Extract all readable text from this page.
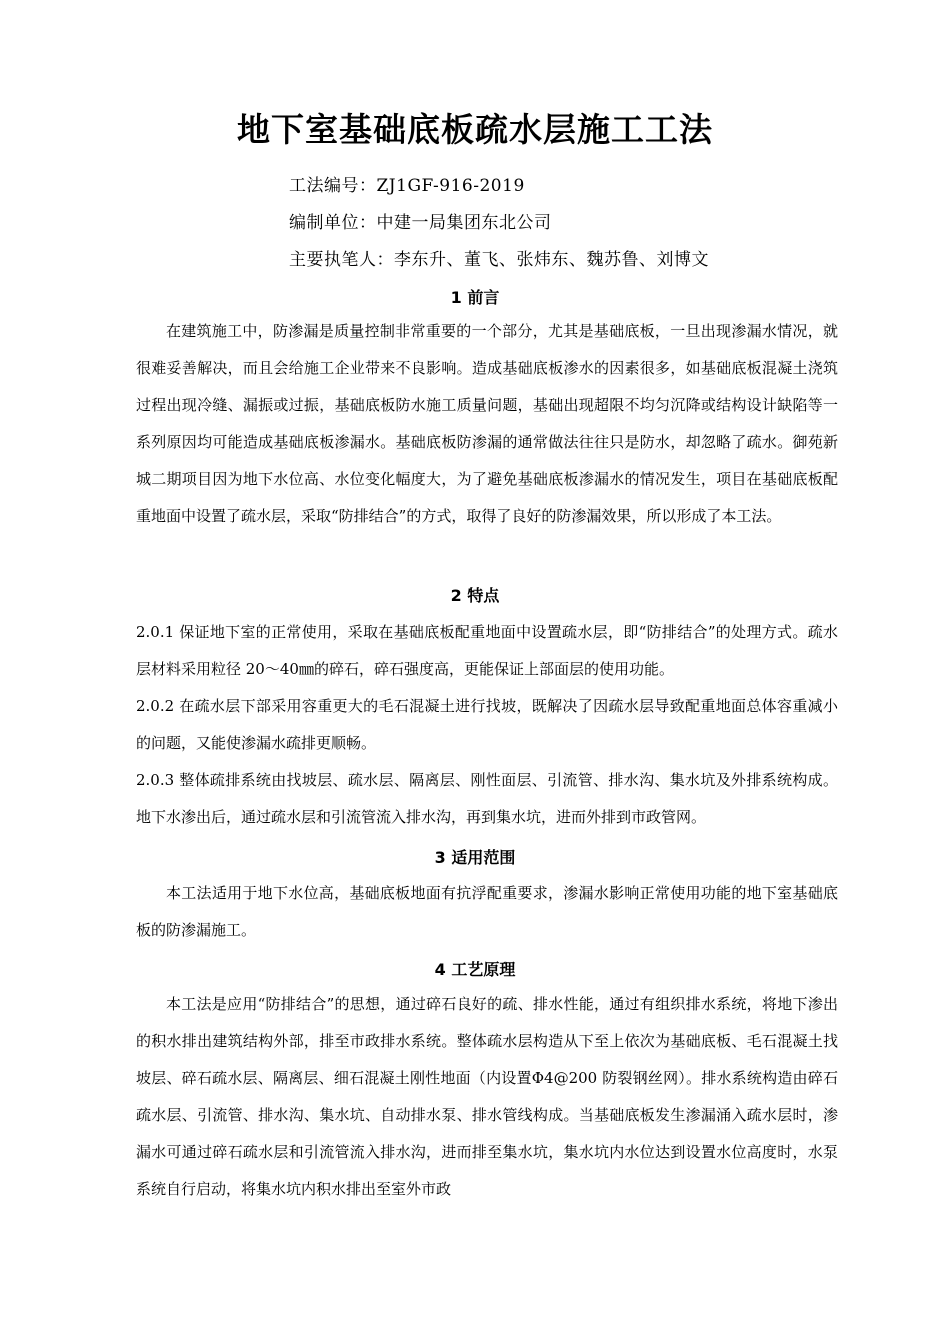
地下室基础底板疏水层施工工法
工法编号：ZJ1GF-916-2019
编制单位：中建一局集团东北公司
主要执笔人：李东升、董飞、张炜东、魏苏鲁、刘博文
1 前言

在建筑施工中，防渗漏是质量控制非常重要的一个部分，尤其是基础底板，一旦出现渗漏水情况，就很难妥善解决，而且会给施工企业带来不良影响。造成基础底板渗水的因素很多，如基础底板混凝土浇筑过程出现冷缝、漏振或过振，基础底板防水施工质量问题，基础出现超限不均匀沉降或结构设计缺陷等一系列原因均可能造成基础底板渗漏水。基础底板防渗漏的通常做法往往只是防水，却忽略了疏水。御苑新城二期项目因为地下水位高、水位变化幅度大，为了避免基础底板渗漏水的情况发生，项目在基础底板配重地面中设置了疏水层，采取“防排结合”的方式，取得了良好的防渗漏效果，所以形成了本工法。

2 特点

2.0.1 保证地下室的正常使用，采取在基础底板配重地面中设置疏水层，即“防排结合”的处理方式。疏水层材料采用粒径 20～40㎜的碎石，碎石强度高，更能保证上部面层的使用功能。

2.0.2 在疏水层下部采用容重更大的毛石混凝土进行找坡，既解决了因疏水层导致配重地面总体容重减小的问题，又能使渗漏水疏排更顺畅。

2.0.3 整体疏排系统由找坡层、疏水层、隔离层、刚性面层、引流管、排水沟、集水坑及外排系统构成。地下水渗出后，通过疏水层和引流管流入排水沟，再到集水坑，进而外排到市政管网。

3 适用范围

本工法适用于地下水位高，基础底板地面有抗浮配重要求，渗漏水影响正常使用功能的地下室基础底板的防渗漏施工。

4 工艺原理

本工法是应用“防排结合”的思想，通过碎石良好的疏、排水性能，通过有组织排水系统，将地下渗出的积水排出建筑结构外部，排至市政排水系统。整体疏水层构造从下至上依次为基础底板、毛石混凝土找坡层、碎石疏水层、隔离层、细石混凝土刚性地面（内设置Φ4@200 防裂钢丝网）。排水系统构造由碎石疏水层、引流管、排水沟、集水坑、自动排水泵、排水管线构成。当基础底板发生渗漏涌入疏水层时，渗漏水可通过碎石疏水层和引流管流入排水沟，进而排至集水坑，集水坑内水位达到设置水位高度时，水泵系统自行启动，将集水坑内积水排出至室外市政
